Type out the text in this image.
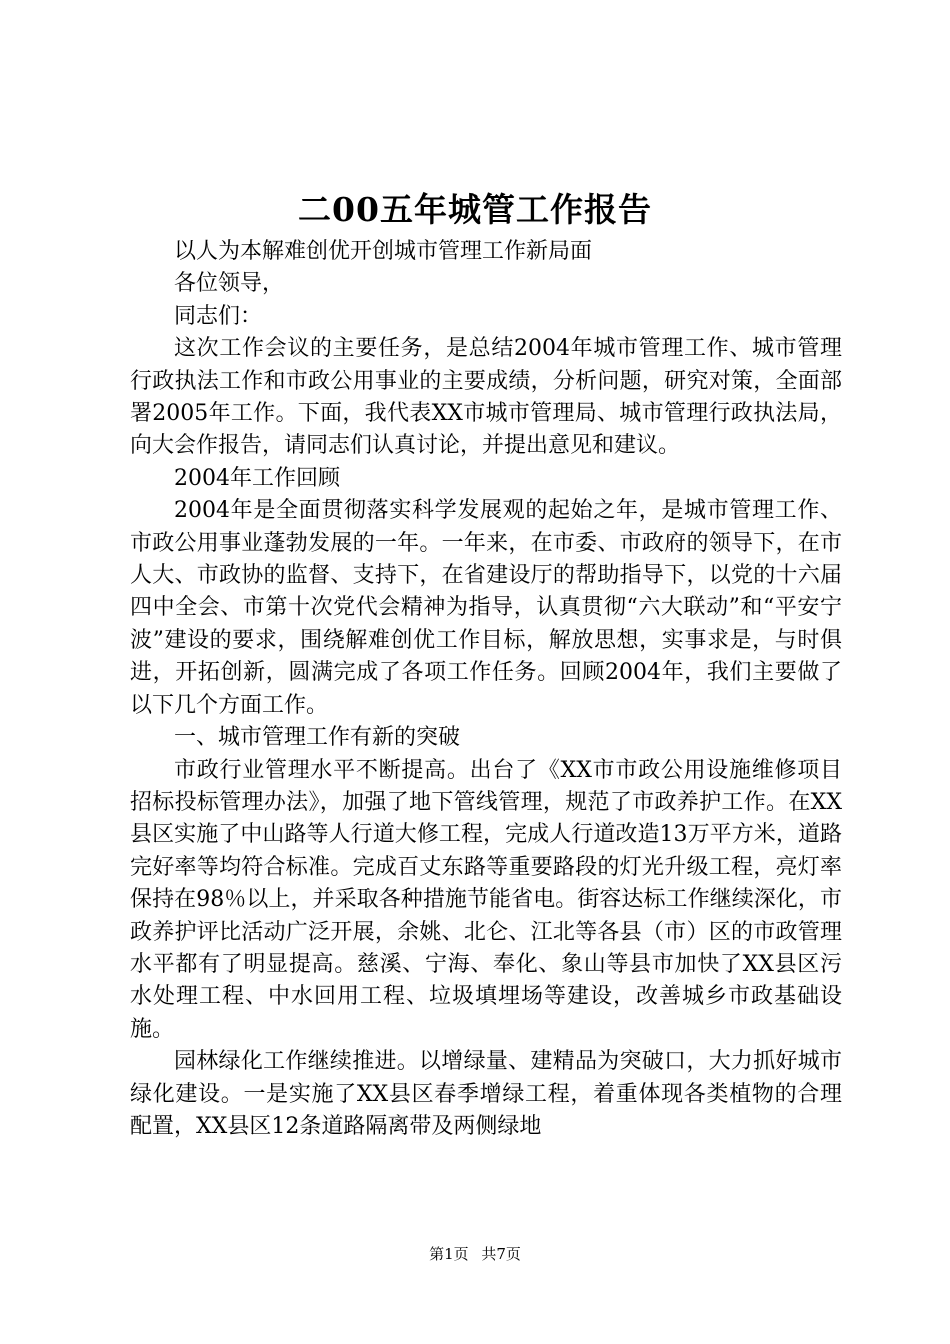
二00五年城管工作报告

以人为本解难创优开创城市管理工作新局面

各位领导，

同志们：

这次工作会议的主要任务，是总结2004年城市管理工作、城市管理行政执法工作和市政公用事业的主要成绩，分析问题，研究对策，全面部署2005年工作。下面，我代表XX市城市管理局、城市管理行政执法局，向大会作报告，请同志们认真讨论，并提出意见和建议。

2004年工作回顾

2004年是全面贯彻落实科学发展观的起始之年，是城市管理工作、市政公用事业蓬勃发展的一年。一年来，在市委、市政府的领导下，在市人大、市政协的监督、支持下，在省建设厅的帮助指导下，以党的十六届四中全会、市第十次党代会精神为指导，认真贯彻“六大联动”和“平安宁波”建设的要求，围绕解难创优工作目标，解放思想，实事求是，与时俱进，开拓创新，圆满完成了各项工作任务。回顾2004年，我们主要做了以下几个方面工作。

一、城市管理工作有新的突破

市政行业管理水平不断提高。出台了《XX市市政公用设施维修项目招标投标管理办法》，加强了地下管线管理，规范了市政养护工作。在XX县区实施了中山路等人行道大修工程，完成人行道改造13万平方米，道路完好率等均符合标准。完成百丈东路等重要路段的灯光升级工程，亮灯率保持在98％以上，并采取各种措施节能省电。街容达标工作继续深化，市政养护评比活动广泛开展，余姚、北仑、江北等各县（市）区的市政管理水平都有了明显提高。慈溪、宁海、奉化、象山等县市加快了XX县区污水处理工程、中水回用工程、垃圾填埋场等建设，改善城乡市政基础设施。

园林绿化工作继续推进。以增绿量、建精品为突破口，大力抓好城市绿化建设。一是实施了XX县区春季增绿工程，着重体现各类植物的合理配置，XX县区12条道路隔离带及两侧绿地

第1页 共7页
